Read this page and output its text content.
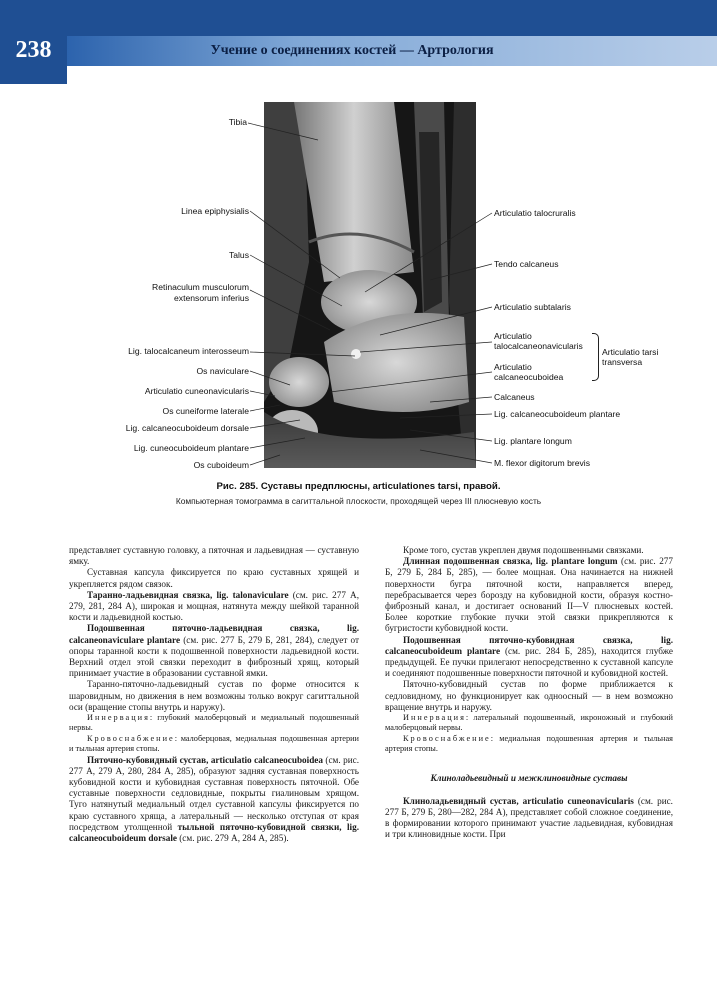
238	Учение о соединениях костей — Артрология
Tibia
Linea epiphysialis
Talus
Retinaculum musculorum
extensorum inferius
Lig. talocalcaneum interosseum
Os naviculare
Articulatio cuneonavicularis
Os cuneiforme laterale
Lig. calcaneocuboideum dorsale
Lig. cuneocuboideum plantare
Os cuboideum
Articulatio talocruralis
Tendo calcaneus
Articulatio subtalaris
Articulatio
talocalcaneonavicularis
Articulatio
calcaneocuboidea
Calcaneus
Lig. calcaneocuboideum plantare
Lig. plantare longum
M. flexor digitorum brevis
Articulatio tarsi
transversa
Рис. 285. Суставы предплюсны, articulationes tarsi, правой.
Компьютерная томограмма в сагиттальной плоскости, проходящей через III плюсневую кость

представляет суставную головку, а пяточная и ладьевидная — суставную ямку.

Суставная капсула фиксируется по краю суставных хрящей и укрепляется рядом связок.

Таранно-ладьевидная связка, lig. talonaviculare (см. рис. 277 А, 279, 281, 284 А), широкая и мощная, натянута между шейкой таранной кости и ладьевидной костью.

Подошвенная пяточно-ладьевидная связка, lig. calcaneonaviculare plantare (см. рис. 277 Б, 279 Б, 281, 284), следует от опоры таранной кости к подошвенной поверхности ладьевидной кости. Верхний отдел этой связки переходит в фиброзный хрящ, который принимает участие в образовании суставной ямки.

Таранно-пяточно-ладьевидный сустав по форме относится к шаровидным, но движения в нем возможны только вокруг сагиттальной оси (вращение стопы внутрь и наружу).

Иннервация: глубокий малоберцовый и медиальный подошвенный нервы.

Кровоснабжение: малоберцовая, медиальная подошвенная артерии и тыльная артерия стопы.

Пяточно-кубовидный сустав, articulatio calcaneocuboidea (см. рис. 277 А, 279 А, 280, 284 А, 285), образуют задняя суставная поверхность кубовидной кости и кубовидная суставная поверхность пяточной. Обе суставные поверхности седловидные, покрыты гиалиновым хрящом. Туго натянутый медиальный отдел суставной капсулы фиксируется по краю суставного хряща, а латеральный — несколько отступая от края посредством утолщенной тыльной пяточно-кубовидной связки, lig. calcaneocuboideum dorsale (см. рис. 279 А, 284 А, 285).

Кроме того, сустав укреплен двумя подошвенными связками.

Длинная подошвенная связка, lig. plantare longum (см. рис. 277 Б, 279 Б, 284 Б, 285), — более мощная. Она начинается на нижней поверхности бугра пяточной кости, направляется вперед, перебрасывается через борозду на кубовидной кости, образуя костно-фиброзный канал, и достигает оснований II—V плюсневых костей. Более короткие глубокие пучки этой связки прикрепляются к бугристости кубовидной кости.

Подошвенная пяточно-кубовидная связка, lig. calcaneocuboideum plantare (см. рис. 284 Б, 285), находится глубже предыдущей. Ее пучки прилегают непосредственно к суставной капсуле и соединяют подошвенные поверхности пяточной и кубовидной костей.

Пяточно-кубовидный сустав по форме приближается к седловидному, но функционирует как одноосный — в нем возможно вращение внутрь и наружу.

Иннервация: латеральный подошвенный, икроножный и глубокий малоберцовый нервы.

Кровоснабжение: медиальная подошвенная артерия и тыльная артерия стопы.

Клиноладьевидный и межклиновидные суставы

Клиноладьевидный сустав, articulatio cuneonavicularis (см. рис. 277 Б, 279 Б, 280—282, 284 А), представляет собой сложное соединение, в формировании которого принимают участие ладьевидная, кубовидная и три клиновидные кости. При
